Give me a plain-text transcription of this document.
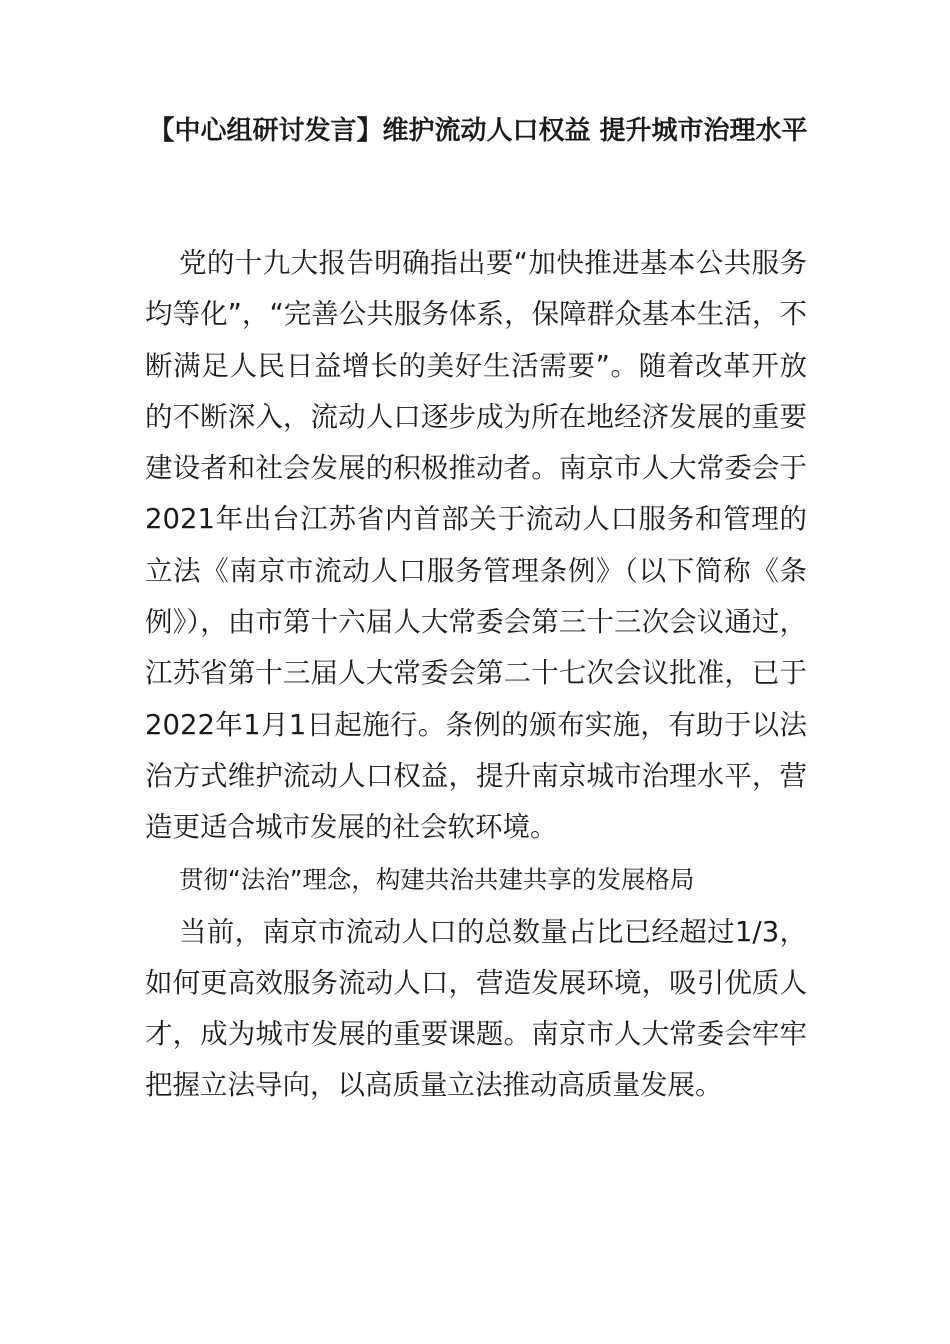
【中心组研讨发言】维护流动人口权益 提升城市治理水平

党的十九大报告明确指出要“加快推进基本公共服务均等化”，“完善公共服务体系，保障群众基本生活，不断满足人民日益增长的美好生活需要”。随着改革开放的不断深入，流动人口逐步成为所在地经济发展的重要建设者和社会发展的积极推动者。南京市人大常委会于2021年出台江苏省内首部关于流动人口服务和管理的立法《南京市流动人口服务管理条例》（以下简称《条例》），由市第十六届人大常委会第三十三次会议通过，江苏省第十三届人大常委会第二十七次会议批准，已于2022年1月1日起施行。条例的颁布实施，有助于以法治方式维护流动人口权益，提升南京城市治理水平，营造更适合城市发展的社会软环境。

贯彻“法治”理念，构建共治共建共享的发展格局

当前，南京市流动人口的总数量占比已经超过1/3，如何更高效服务流动人口，营造发展环境，吸引优质人才，成为城市发展的重要课题。南京市人大常委会牢牢把握立法导向，以高质量立法推动高质量发展。
